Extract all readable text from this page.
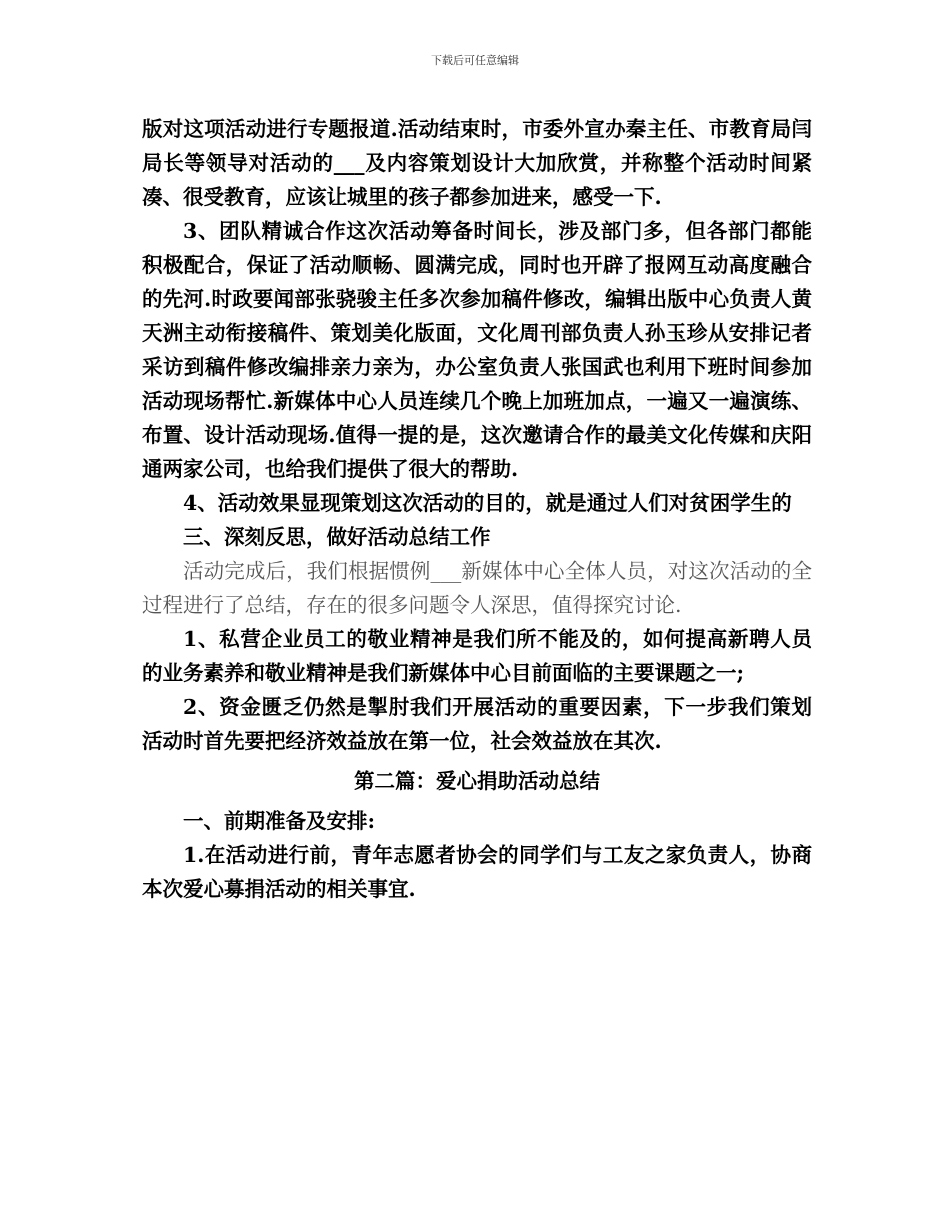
下载后可任意编辑

版对这项活动进行专题报道.活动结束时，市委外宣办秦主任、市教育局闫局长等领导对活动的___及内容策划设计大加欣赏，并称整个活动时间紧凑、很受教育，应该让城里的孩子都参加进来，感受一下.

3、团队精诚合作这次活动筹备时间长，涉及部门多，但各部门都能积极配合，保证了活动顺畅、圆满完成，同时也开辟了报网互动高度融合的先河.时政要闻部张骁骏主任多次参加稿件修改，编辑出版中心负责人黄天洲主动衔接稿件、策划美化版面，文化周刊部负责人孙玉珍从安排记者采访到稿件修改编排亲力亲为，办公室负责人张国武也利用下班时间参加活动现场帮忙.新媒体中心人员连续几个晚上加班加点，一遍又一遍演练、布置、设计活动现场.值得一提的是，这次邀请合作的最美文化传媒和庆阳通两家公司，也给我们提供了很大的帮助.

4、活动效果显现策划这次活动的目的，就是通过人们对贫困学生的

三、深刻反思，做好活动总结工作

活动完成后，我们根据惯例___新媒体中心全体人员，对这次活动的全过程进行了总结，存在的很多问题令人深思，值得探究讨论.

1、私营企业员工的敬业精神是我们所不能及的，如何提高新聘人员的业务素养和敬业精神是我们新媒体中心目前面临的主要课题之一;

2、资金匮乏仍然是掣肘我们开展活动的重要因素，下一步我们策划活动时首先要把经济效益放在第一位，社会效益放在其次.

第二篇：爱心捐助活动总结

一、前期准备及安排:

1.在活动进行前，青年志愿者协会的同学们与工友之家负责人，协商本次爱心募捐活动的相关事宜.
